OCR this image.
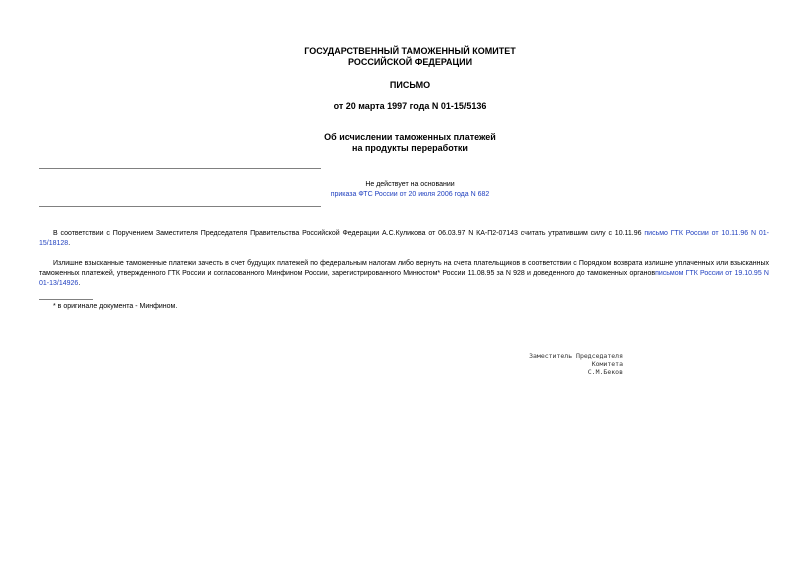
ГОСУДАРСТВЕННЫЙ ТАМОЖЕННЫЙ КОМИТЕТ
РОССИЙСКОЙ ФЕДЕРАЦИИ
ПИСЬМО
от 20 марта 1997 года N 01-15/5136
Об исчислении таможенных платежей
на продукты переработки
Не действует на основании
приказа ФТС России от 20 июля 2006 года N 682
В соответствии с Поручением Заместителя Председателя Правительства Российской Федерации А.С.Куликова от 06.03.97 N КА-П2-07143 считать утратившим силу с 10.11.96 письмо ГТК России от 10.11.96 N 01-15/18128.
Излишне взысканные таможенные платежи зачесть в счет будущих платежей по федеральным налогам либо вернуть на счета плательщиков в соответствии с Порядком возврата излишне уплаченных или взысканных таможенных платежей, утвержденного ГТК России и согласованного Минфином России, зарегистрированного Минюстом* России 11.08.95 за N 928 и доведенного до таможенных органовписьмом ГТК России от 19.10.95 N 01-13/14926.
* в оригинале документа - Минфином.
Заместитель Председателя
Комитета
С.М.Беков
